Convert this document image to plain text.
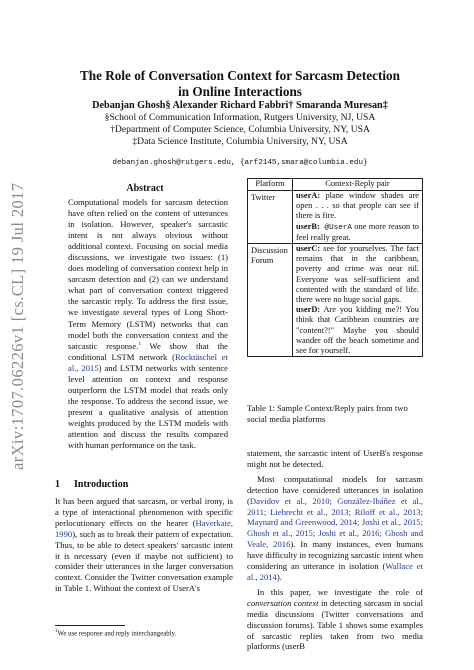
arXiv:1707.06226v1 [cs.CL] 19 Jul 2017
The Role of Conversation Context for Sarcasm Detection
in Online Interactions
Debanjan Ghosh§ Alexander Richard Fabbri† Smaranda Muresan‡
§School of Communication Information, Rutgers University, NJ, USA
†Department of Computer Science, Columbia University, NY, USA
‡Data Science Institute, Columbia University, NY, USA
debanjan.ghosh@rutgers.edu, {arf2145,smara@columbia.edu}
Abstract
Computational models for sarcasm detection have often relied on the content of utterances in isolation. However, speaker's sarcastic intent is not always obvious without additional context. Focusing on social media discussions, we investigate two issues: (1) does modeling of conversation context help in sarcasm detection and (2) can we understand what part of conversation context triggered the sarcastic reply. To address the first issue, we investigate several types of Long Short-Term Memory (LSTM) networks that can model both the conversation context and the sarcastic response.$^1$ We show that the conditional LSTM network (Rocktäschel et al., 2015) and LSTM networks with sentence level attention on context and response outperform the LSTM model that reads only the response. To address the second issue, we present a qualitative analysis of attention weights produced by the LSTM models with attention and discuss the results compared with human performance on the task.
1 Introduction
It has been argued that sarcasm, or verbal irony, is a type of interactional phenomenon with specific perlocutionary effects on the hearer (Haverkate, 1990), such as to break their pattern of expectation. Thus, to be able to detect speakers' sarcastic intent it is necessary (even if maybe not sufficient) to consider their utterances in the larger conversation context. Consider the Twitter conversation example in Table 1. Without the context of UserA's
$^1$We use response and reply interchangeably.
Platform	Context-Reply pair
Twitter	userA: plane window shades are open . . . so that people can see if there is fire.
userB: @UserA one more reason to feel really great.

Discussion Forum	userC: see for yourselves. The fact remains that in the caribbean, poverty and crime was near nil. Everyone was self-sufficient and contented with the standard of life. there were no huge social gaps.
userD: Are you kidding me?! You think that Caribbean countries are "content?!" Maybe you should wander off the beach sometime and see for yourself.
Table 1: Sample Context/Reply pairs from two social media platforms

statement, the sarcastic intent of UserB's response might not be detected.

Most computational models for sarcasm detection have considered utterances in isolation (Davidov et al., 2010; González-Ibáñez et al., 2011; Liebrecht et al., 2013; Riloff et al., 2013; Maynard and Greenwood, 2014; Joshi et al., 2015; Ghosh et al., 2015; Joshi et al., 2016; Ghosh and Veale, 2016). In many instances, even humans have difficulty in recognizing sarcastic intent when considering an utterance in isolation (Wallace et al., 2014).

In this paper, we investigate the role of conversation context in detecting sarcasm in social media discussions (Twitter conversations and discussion forums). Table 1 shows some examples of sarcastic replies taken from two media platforms (userB
